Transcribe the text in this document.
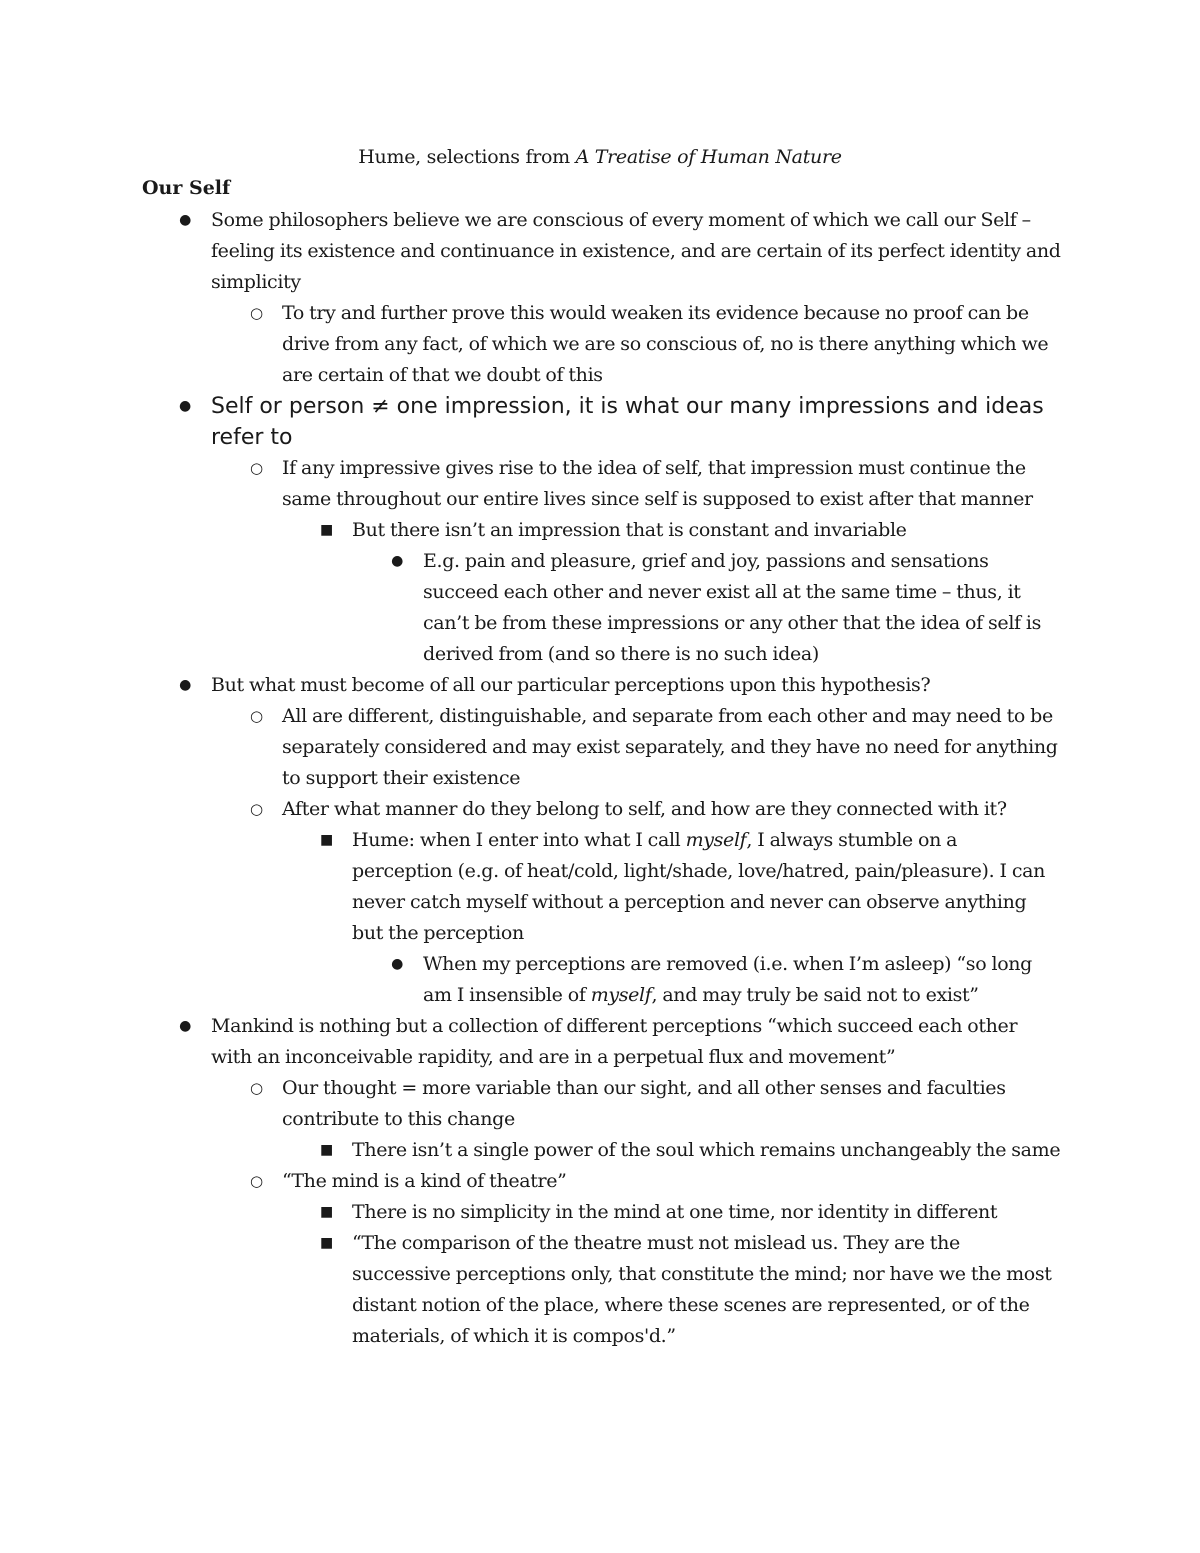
Hume, selections from A Treatise of Human Nature
Our Self
● Some philosophers believe we are conscious of every moment of which we call our Self – feeling its existence and continuance in existence, and are certain of its perfect identity and simplicity
○ To try and further prove this would weaken its evidence because no proof can be drive from any fact, of which we are so conscious of, no is there anything which we are certain of that we doubt of this
● Self or person ≠ one impression, it is what our many impressions and ideas refer to
○ If any impressive gives rise to the idea of self, that impression must continue the same throughout our entire lives since self is supposed to exist after that manner
■ But there isn’t an impression that is constant and invariable
● E.g. pain and pleasure, grief and joy, passions and sensations succeed each other and never exist all at the same time – thus, it can’t be from these impressions or any other that the idea of self is derived from (and so there is no such idea)
● But what must become of all our particular perceptions upon this hypothesis?
○ All are different, distinguishable, and separate from each other and may need to be separately considered and may exist separately, and they have no need for anything to support their existence
○ After what manner do they belong to self, and how are they connected with it?
■ Hume: when I enter into what I call myself, I always stumble on a perception (e.g. of heat/cold, light/shade, love/hatred, pain/pleasure). I can never catch myself without a perception and never can observe anything but the perception
● When my perceptions are removed (i.e. when I’m asleep) “so long am I insensible of myself, and may truly be said not to exist”
● Mankind is nothing but a collection of different perceptions “which succeed each other with an inconceivable rapidity, and are in a perpetual flux and movement”
○ Our thought = more variable than our sight, and all other senses and faculties contribute to this change
■ There isn’t a single power of the soul which remains unchangeably the same
○ “The mind is a kind of theatre”
■ There is no simplicity in the mind at one time, nor identity in different
■ “The comparison of the theatre must not mislead us. They are the successive perceptions only, that constitute the mind; nor have we the most distant notion of the place, where these scenes are represented, or of the materials, of which it is compos'd.”
